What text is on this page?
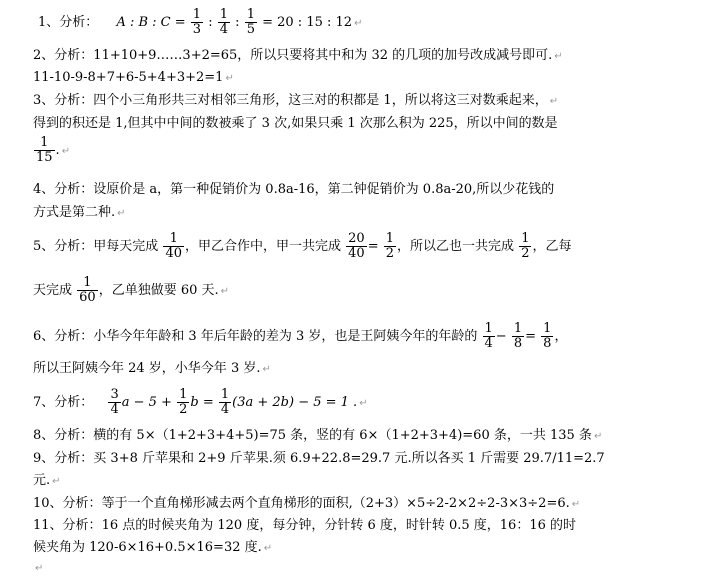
1、分析： A : B : $C = \frac{1}{3}$ : $\frac{1}{4}$ : $\frac{1}{5} = 20$ : 15 : 12 ↵
2、分析：11+10+9……3+2=65，所以只要将其中和为 32 的几项的加号改成减号即可. ↵
11-10-9-8+7+6-5+4+3+2=1 ↵
3、分析：四个小三角形共三对相邻三角形，这三对的积都是 1，所以将这三对数乘起来， ↵
得到的积还是 1,但其中中间的数被乘了 3 次,如果只乘 1 次那么积为 225，所以中间的数是
$\frac{1}{15}$ . ↵
4、分析：设原价是 a，第一种促销价为 0.8a-16，第二钟促销价为 0.8a-20,所以少花钱的
方式是第二种. ↵
5、分析：甲每天完成 $\frac{1}{40}$ ，甲乙合作中，甲一共完成 $\frac{20}{40} = \frac{1}{2}$ ，所以乙也一共完成 $\frac{1}{2}$ ，乙每
天完成 $\frac{1}{60}$ ，乙单独做要 60 天. ↵
6、分析：小华今年年龄和 3 年后年龄的差为 3 岁，也是王阿姨今年的年龄的 $\frac{1}{4} - \frac{1}{8} = \frac{1}{8}$ ，
所以王阿姨今年 24 岁，小华今年 3 岁. ↵
7、分析： $\frac{3}{4}$ $a - 5 + \frac{1}{2}$ $b = \frac{1}{4} (3a + 2b) - 5 = 1$ . ↵
8、分析：横的有 5×（1+2+3+4+5)=75 条，竖的有 6×（1+2+3+4)=60 条，一共 135 条 ↵
9、分析：买 3+8 斤苹果和 2+9 斤苹果.须 6.9+22.8=29.7 元.所以各买 1 斤需要 29.7/11=2.7
元. ↵
10、分析：等于一个直角梯形减去两个直角梯形的面积,（2+3）×5÷2-2×2÷2-3×3÷2=6. ↵
11、分析：16 点的时候夹角为 120 度，每分钟，分针转 6 度，时针转 0.5 度，16：16 的时
候夹角为 120-6×16+0.5×16=32 度. ↵
↵
